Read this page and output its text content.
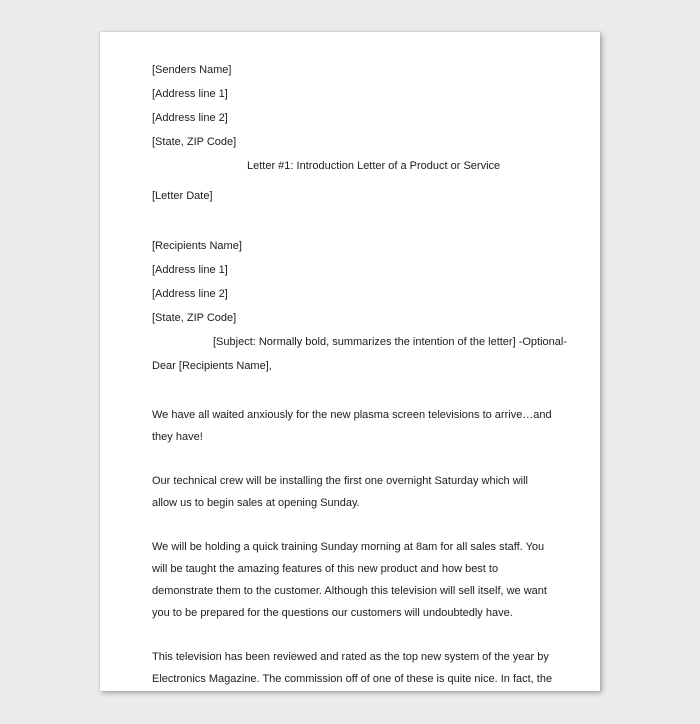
[Senders Name]
[Address line 1]
[Address line 2]
[State, ZIP Code]
Letter #1: Introduction Letter of a Product or Service
[Letter Date]
[Recipients Name]
[Address line 1]
[Address line 2]
[State, ZIP Code]
[Subject: Normally bold, summarizes the intention of the letter] -Optional-
Dear [Recipients Name],

We have all waited anxiously for the new plasma screen televisions to arrive…and they have!

Our technical crew will be installing the first one overnight Saturday which will allow us to begin sales at opening Sunday.

We will be holding a quick training Sunday morning at 8am for all sales staff. You will be taught the amazing features of this new product and how best to demonstrate them to the customer. Although this television will sell itself, we want you to be prepared for the questions our customers will undoubtedly have.

This television has been reviewed and rated as the top new system of the year by Electronics Magazine. The commission off of one of these is quite nice. In fact, the
